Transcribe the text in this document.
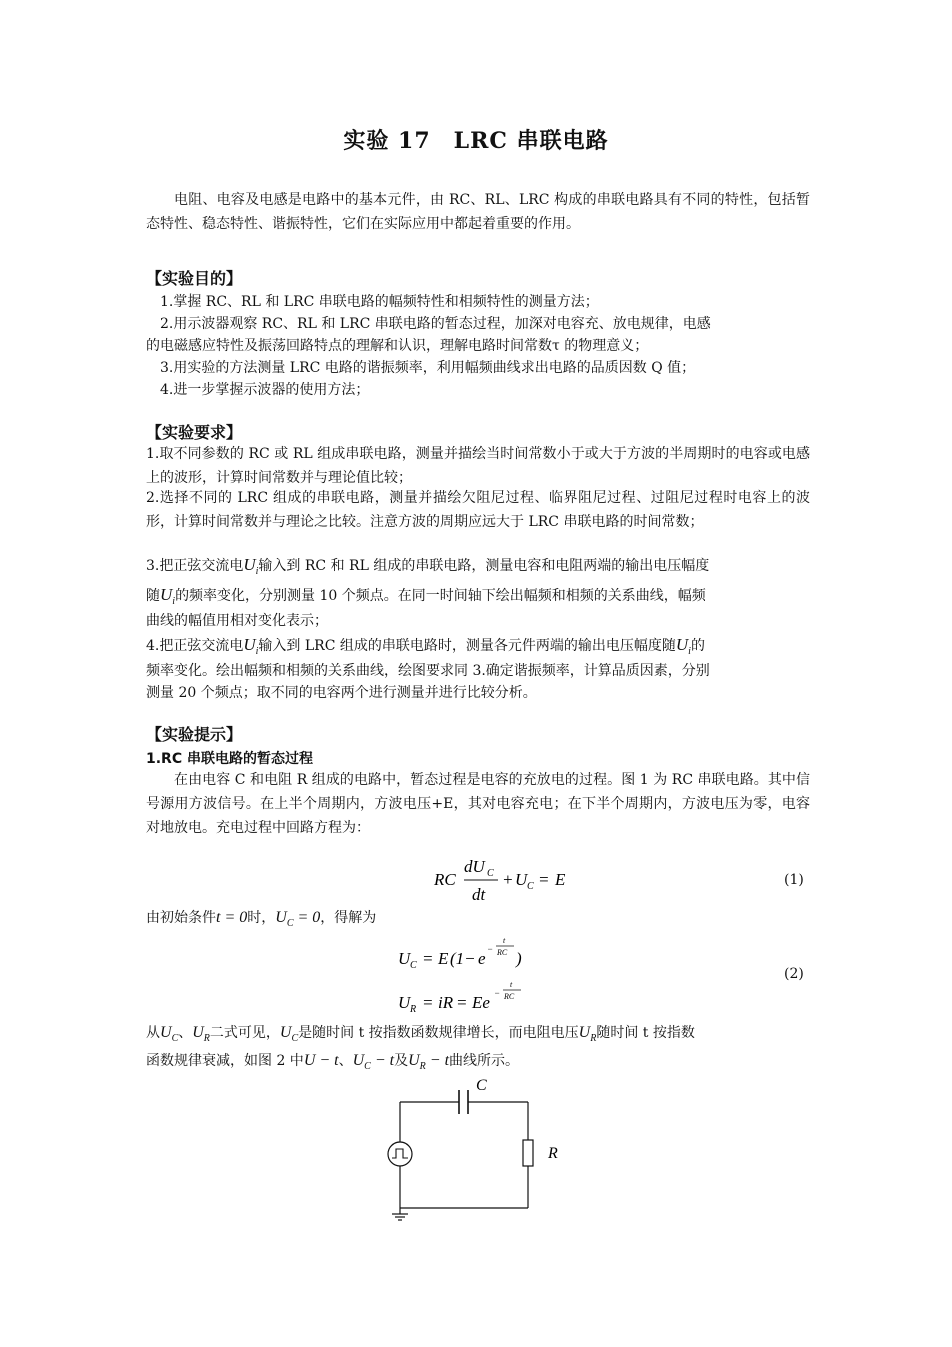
实验 17　LRC 串联电路

电阻、电容及电感是电路中的基本元件，由 RC、RL、LRC 构成的串联电路具有不同的特性，包括暂态特性、稳态特性、谐振特性，它们在实际应用中都起着重要的作用。

【实验目的】
1.掌握 RC、RL 和 LRC 串联电路的幅频特性和相频特性的测量方法；
2.用示波器观察 RC、RL 和 LRC 串联电路的暂态过程，加深对电容充、放电规律，电感
的电磁感应特性及振荡回路特点的理解和认识，理解电路时间常数τ 的物理意义；
3.用实验的方法测量 LRC 电路的谐振频率，利用幅频曲线求出电路的品质因数 Q 值；
4.进一步掌握示波器的使用方法；
【实验要求】

1.取不同参数的 RC 或 RL 组成串联电路，测量并描绘当时间常数小于或大于方波的半周期时的电容或电感上的波形，计算时间常数并与理论值比较；

2.选择不同的 LRC 组成的串联电路，测量并描绘欠阻尼过程、临界阻尼过程、过阻尼过程时电容上的波形，计算时间常数并与理论之比较。注意方波的周期应远大于 LRC 串联电路的时间常数；

3.把正弦交流电$U_i$输入到 RC 和 RL 组成的串联电路，测量电容和电阻两端的输出电压幅度
随$U_i$的频率变化，分别测量 10 个频点。在同一时间轴下绘出幅频和相频的关系曲线，幅频
曲线的幅值用相对变化表示；
4.把正弦交流电$U_i$输入到 LRC 组成的串联电路时，测量各元件两端的输出电压幅度随$U_i$的
频率变化。绘出幅频和相频的关系曲线，绘图要求同 3.确定谐振频率，计算品质因素，分别
测量 20 个频点；取不同的电容两个进行测量并进行比较分析。
【实验提示】
1.RC 串联电路的暂态过程

在由电容 C 和电阻 R 组成的电路中，暂态过程是电容的充放电的过程。图 1 为 RC 串联电路。其中信号源用方波信号。在上半个周期内，方波电压+E，其对电容充电；在下半个周期内，方波电压为零，电容对地放电。充电过程中回路方程为：

RC
dU C
dt
+ U C = E	(1)
由初始条件t = 0时，$U_C = 0$，得解为
U C = E (1− e −
t
RC )
U R = iR = Ee −
t
RC
(2)
从$U_C$、$U_R$二式可见，$U_C$是随时间 t 按指数函数规律增长，而电阻电压$U_R$随时间 t 按指数
函数规律衰减，如图 2 中U − t、$U_C - t$及$U_R - t$曲线所示。
C
R
